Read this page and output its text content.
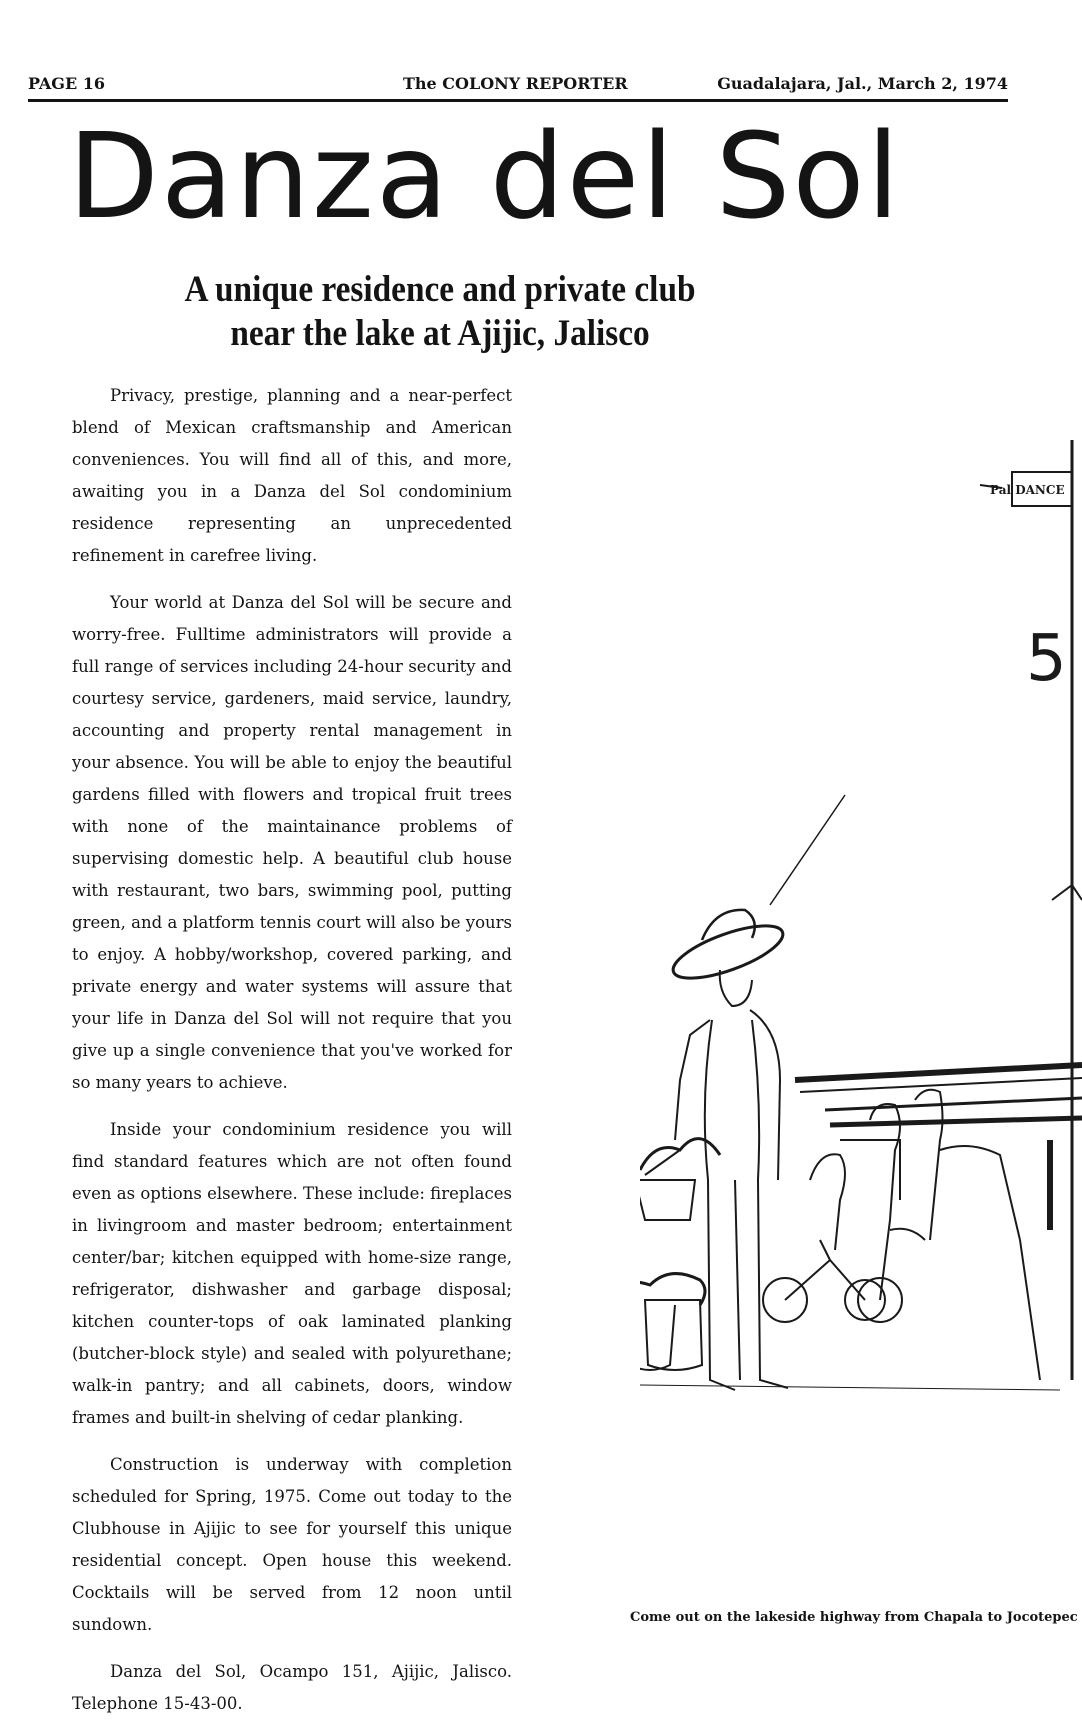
PAGE 16	The COLONY REPORTER	Guadalajara, Jal., March 2, 1974
Danza del Sol
A unique residence and private club
near the lake at Ajijic, Jalisco

Privacy, prestige, planning and a near-perfect blend of Mexican craftsmanship and American conveniences. You will find all of this, and more, awaiting you in a Danza del Sol condominium residence representing an unprecedented refinement in carefree living.

Your world at Danza del Sol will be secure and worry-free. Fulltime administrators will provide a full range of services including 24-hour security and courtesy service, gardeners, maid service, laundry, accounting and property rental management in your absence. You will be able to enjoy the beautiful gardens filled with flowers and tropical fruit trees with none of the maintainance problems of supervising domestic help. A beautiful club house with restaurant, two bars, swimming pool, putting green, and a platform tennis court will also be yours to enjoy. A hobby/workshop, covered parking, and private energy and water systems will assure that your life in Danza del Sol will not require that you give up a single convenience that you've worked for so many years to achieve.

Inside your condominium residence you will find standard features which are not often found even as options elsewhere. These include: fireplaces in livingroom and master bedroom; entertainment center/bar; kitchen equipped with home-size range, refrigerator, dishwasher and garbage disposal; kitchen counter-tops of oak laminated planking (butcher-block style) and sealed with polyurethane; walk-in pantry; and all cabinets, doors, window frames and built-in shelving of cedar planking.

Construction is underway with completion scheduled for Spring, 1975. Come out today to the Clubhouse in Ajijic to see for yourself this unique residential concept. Open house this weekend. Cocktails will be served from 12 noon until sundown.

Danza del Sol, Ocampo 151, Ajijic, Jalisco. Telephone 15-43-00.

Pal DANCE
5
Come out on the lakeside highway from Chapala to Jocotepec
